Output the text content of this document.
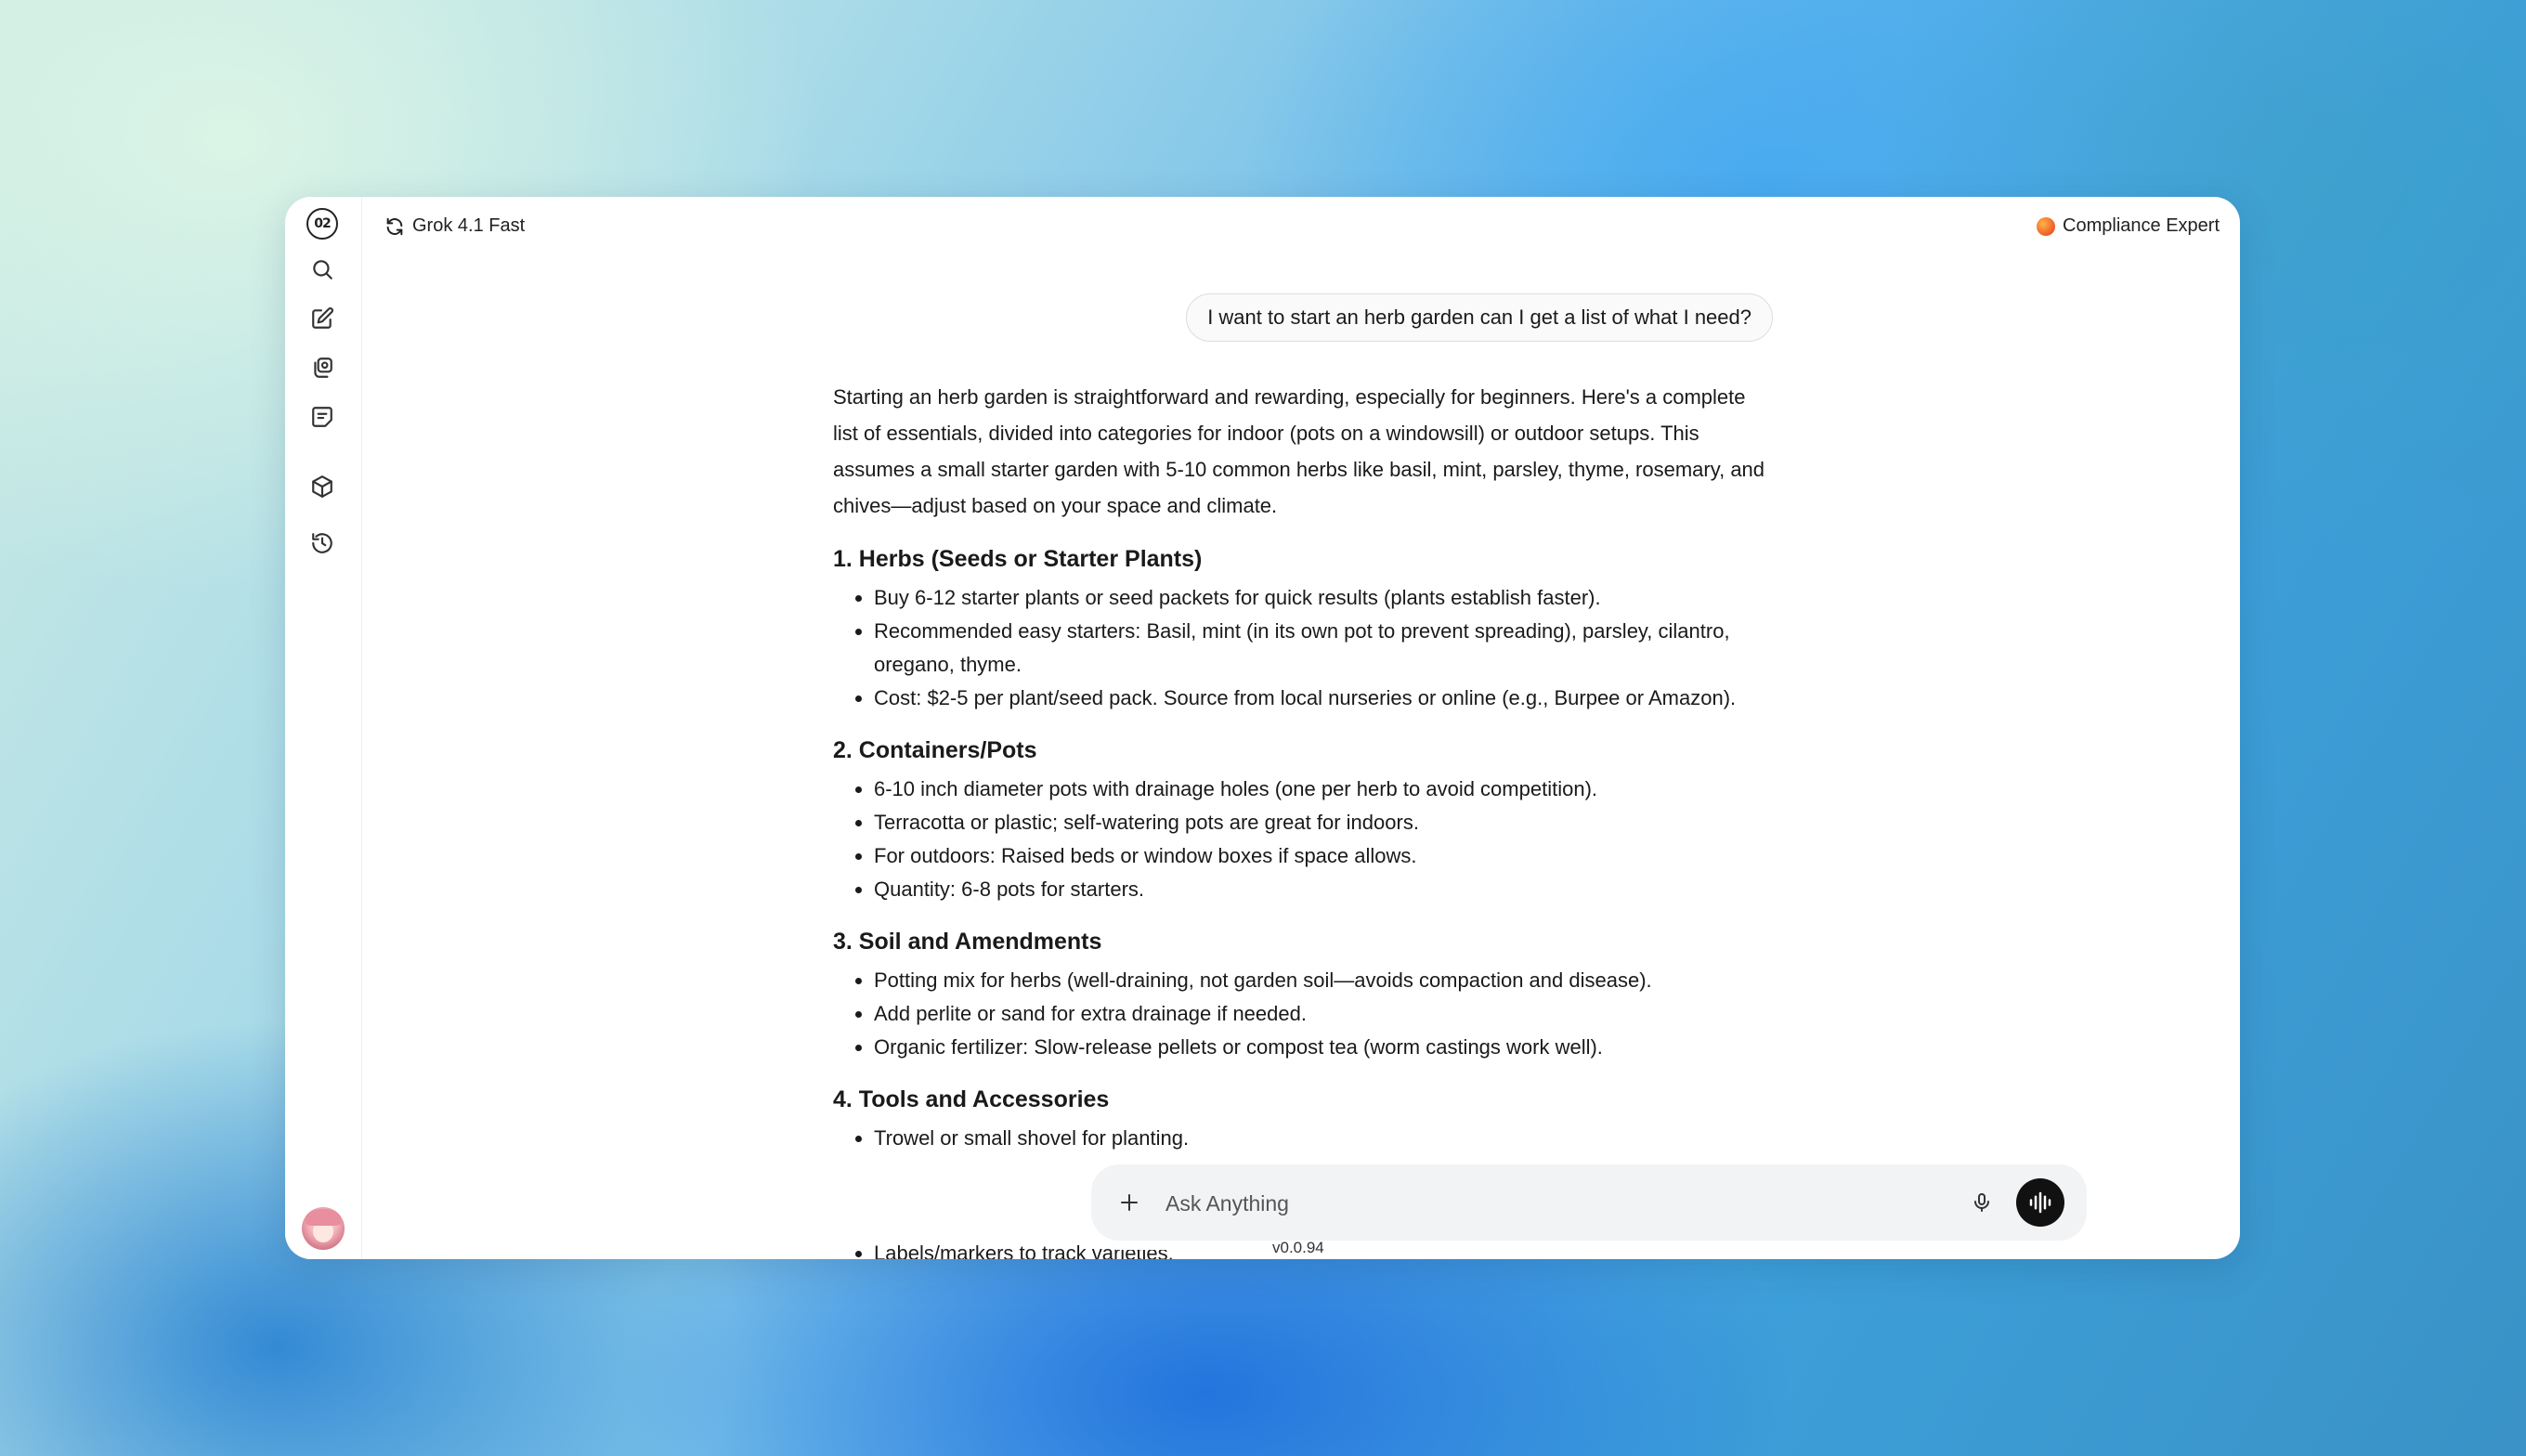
02	Grok 4.1 Fast	Compliance Expert
I want to start an herb garden can I get a list of what I need?

Starting an herb garden is straightforward and rewarding, especially for beginners. Here's a complete list of essentials, divided into categories for indoor (pots on a windowsill) or outdoor setups. This assumes a small starter garden with 5-10 common herbs like basil, mint, parsley, thyme, rosemary, and chives—adjust based on your space and climate.

1. Herbs (Seeds or Starter Plants)
• Buy 6-12 starter plants or seed packets for quick results (plants establish faster).
• Recommended easy starters: Basil, mint (in its own pot to prevent spreading), parsley, cilantro, oregano, thyme.
• Cost: $2-5 per plant/seed pack. Source from local nurseries or online (e.g., Burpee or Amazon).
2. Containers/Pots
• 6-10 inch diameter pots with drainage holes (one per herb to avoid competition).
• Terracotta or plastic; self-watering pots are great for indoors.
• For outdoors: Raised beds or window boxes if space allows.
• Quantity: 6-8 pots for starters.
3. Soil and Amendments
• Potting mix for herbs (well-draining, not garden soil—avoids compaction and disease).
• Add perlite or sand for extra drainage if needed.
• Organic fertilizer: Slow-release pellets or compost tea (worm castings work well).
4. Tools and Accessories
• Trowel or small shovel for planting.
• Labels/markers to track varieties.
Ask Anything	v0.0.94
